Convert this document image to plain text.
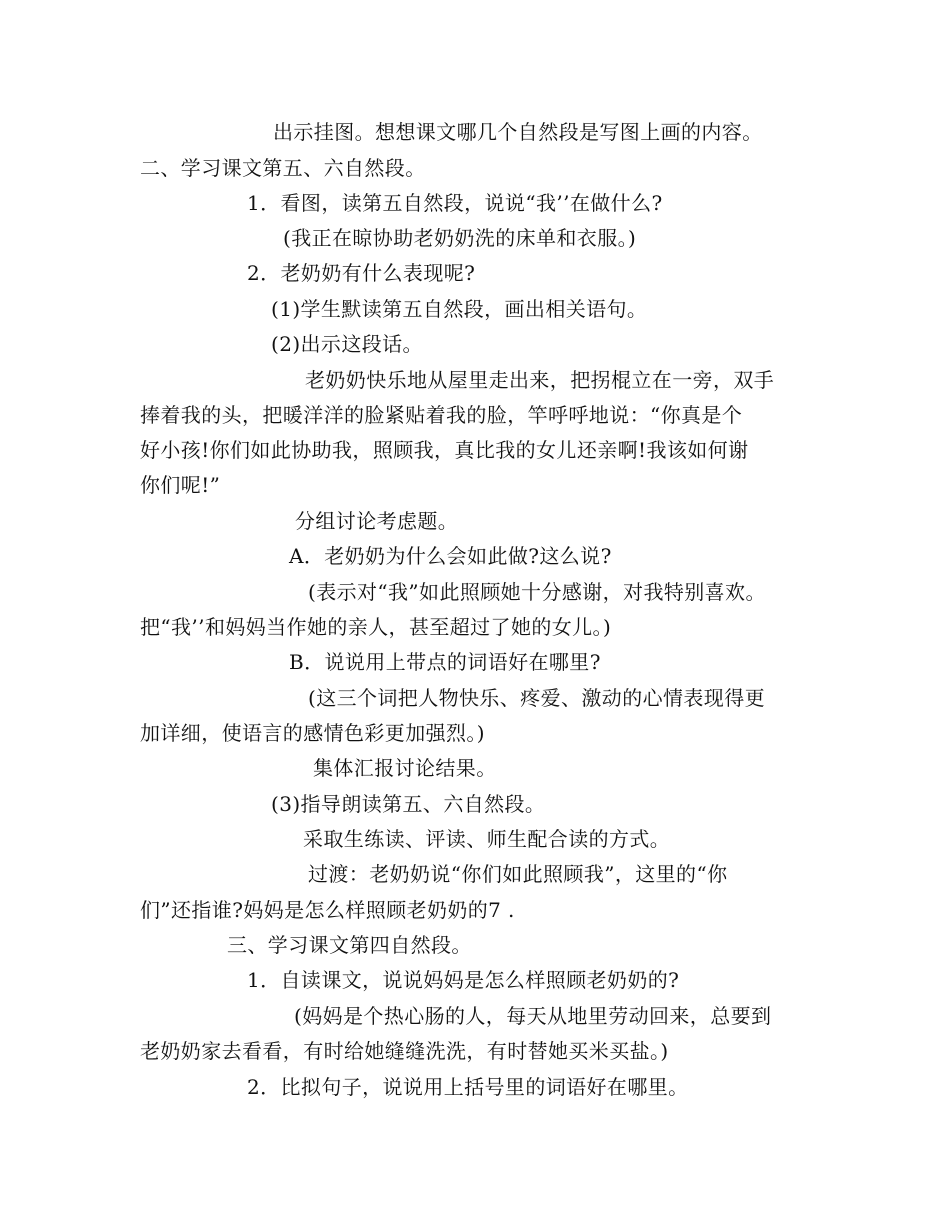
出示挂图。想想课文哪几个自然段是写图上画的内容。
二、学习课文第五、六自然段。
1．看图，读第五自然段，说说“我’’在做什么?
(我正在晾协助老奶奶洗的床单和衣服。)
2．老奶奶有什么表现呢?
(1)学生默读第五自然段，画出相关语句。
(2)出示这段话。
老奶奶快乐地从屋里走出来，把拐棍立在一旁，双手
捧着我的头，把暖洋洋的脸紧贴着我的脸，竿呼呼地说：“你真是个
好小孩!你们如此协助我，照顾我，真比我的女儿还亲啊!我该如何谢
你们呢!”
分组讨论考虑题。
A．老奶奶为什么会如此做?这么说?
(表示对“我”如此照顾她十分感谢，对我特别喜欢。
把“我’’和妈妈当作她的亲人，甚至超过了她的女儿。)
B．说说用上带点的词语好在哪里?
(这三个词把人物快乐、疼爱、激动的心情表现得更
加详细，使语言的感情色彩更加强烈。)
集体汇报讨论结果。
(3)指导朗读第五、六自然段。
采取生练读、评读、师生配合读的方式。
过渡：老奶奶说“你们如此照顾我”，这里的“你
们”还指谁?妈妈是怎么样照顾老奶奶的7 .
三、学习课文第四自然段。
1．自读课文，说说妈妈是怎么样照顾老奶奶的?
(妈妈是个热心肠的人，每天从地里劳动回来，总要到
老奶奶家去看看，有时给她缝缝洗洗，有时替她买米买盐。)
2．比拟句子，说说用上括号里的词语好在哪里。
